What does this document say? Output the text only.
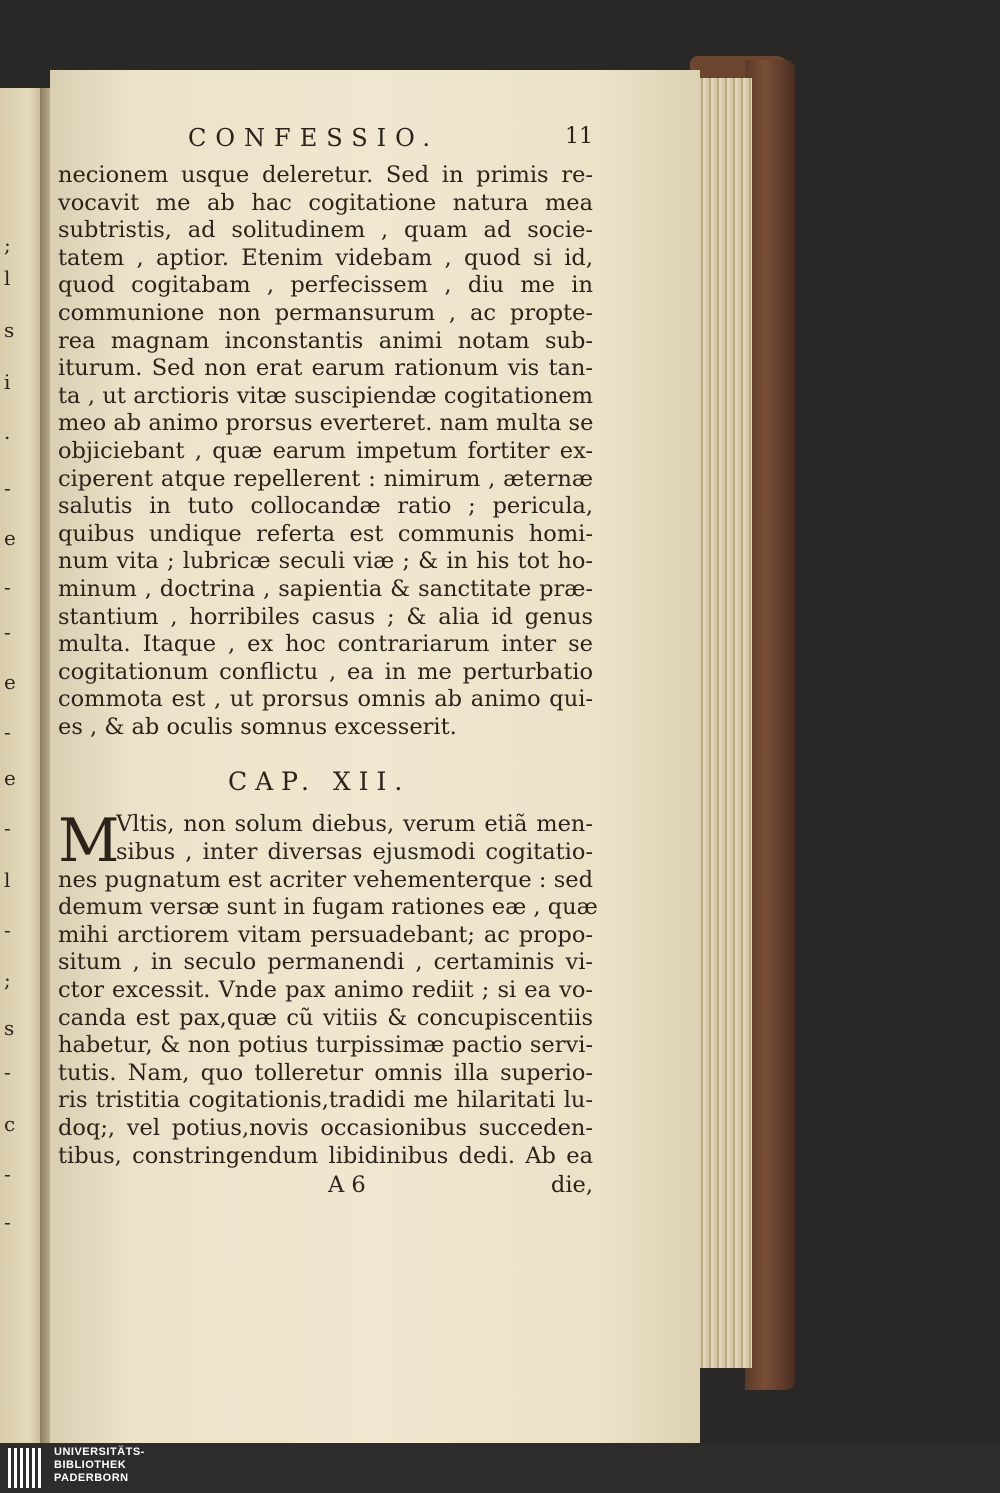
;
l
s
i
.
-
e
-
-
e
-
e
-
l
-
;
s
-
c
-
-
CONFESSIO.	11
necionem usque deleretur. Sed in primis re-
vocavit me ab hac cogitatione natura mea
subtristis, ad solitudinem , quam ad socie-
tatem , aptior. Etenim videbam , quod si id,
quod cogitabam , perfecissem , diu me in
communione non permansurum , ac propte-
rea magnam inconstantis animi notam sub-
iturum. Sed non erat earum rationum vis tan-
ta , ut arctioris vitæ suscipiendæ cogitationem
meo ab animo prorsus everteret. nam multa se
objiciebant , quæ earum impetum fortiter ex-
ciperent atque repellerent : nimirum , æternæ
salutis in tuto collocandæ ratio ; pericula,
quibus undique referta est communis homi-
num vita ; lubricæ seculi viæ ; & in his tot ho-
minum , doctrina , sapientia & sanctitate præ-
stantium , horribiles casus ; & alia id genus
multa. Itaque , ex hoc contrariarum inter se
cogitationum conflictu , ea in me perturbatio
commota est , ut prorsus omnis ab animo qui-
es , & ab oculis somnus excesserit.
CAP. XII.
M
Vltis, non solum diebus, verum etiã men-
sibus , inter diversas ejusmodi cogitatio-
nes pugnatum est acriter vehementerque : sed
demum versæ sunt in fugam rationes eæ , quæ
mihi arctiorem vitam persuadebant; ac propo-
situm , in seculo permanendi , certaminis vi-
ctor excessit. Vnde pax animo rediit ; si ea vo-
canda est pax,quæ cũ vitiis & concupiscentiis
habetur, & non potius turpissimæ pactio servi-
tutis. Nam, quo tolleretur omnis illa superio-
ris tristitia cogitationis,tradidi me hilaritati lu-
doq;, vel potius,novis occasionibus succeden-
tibus, constringendum libidinibus dedi. Ab ea
A 6	die,
UNIVERSITÄTS-
BIBLIOTHEK
PADERBORN
